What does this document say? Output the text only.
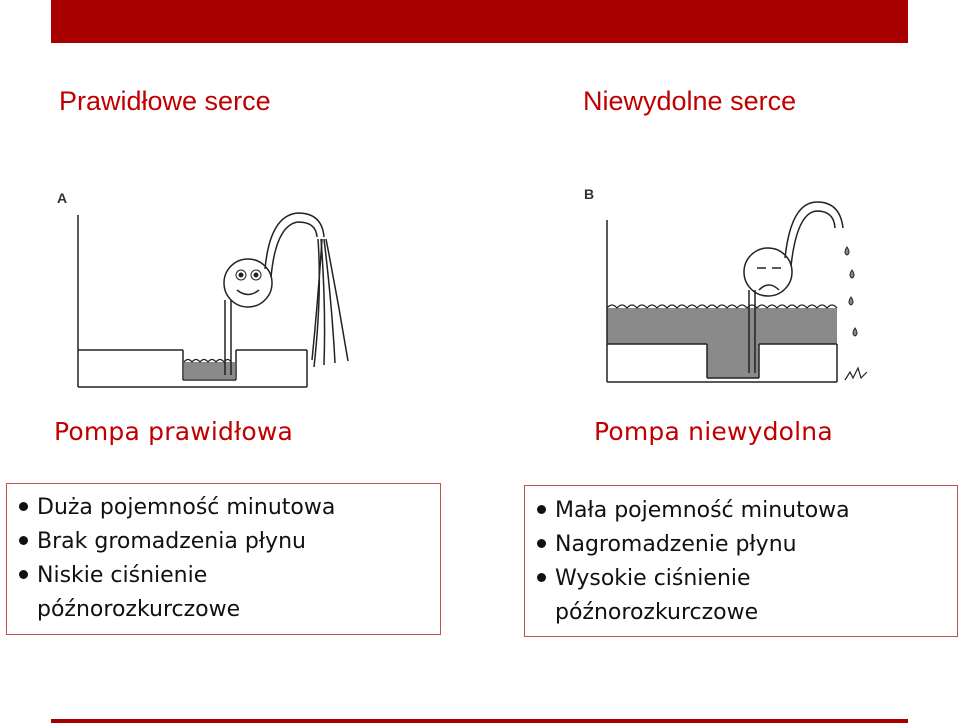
Prawidłowe serce	Niewydolne serce
A	B
Pompa prawidłowa	Pompa niewydolna
Duża pojemność minutowa
Brak gromadzenia płynu
Niskie ciśnienie
późnorozkurczowe
Mała pojemność minutowa
Nagromadzenie płynu
Wysokie ciśnienie
późnorozkurczowe
